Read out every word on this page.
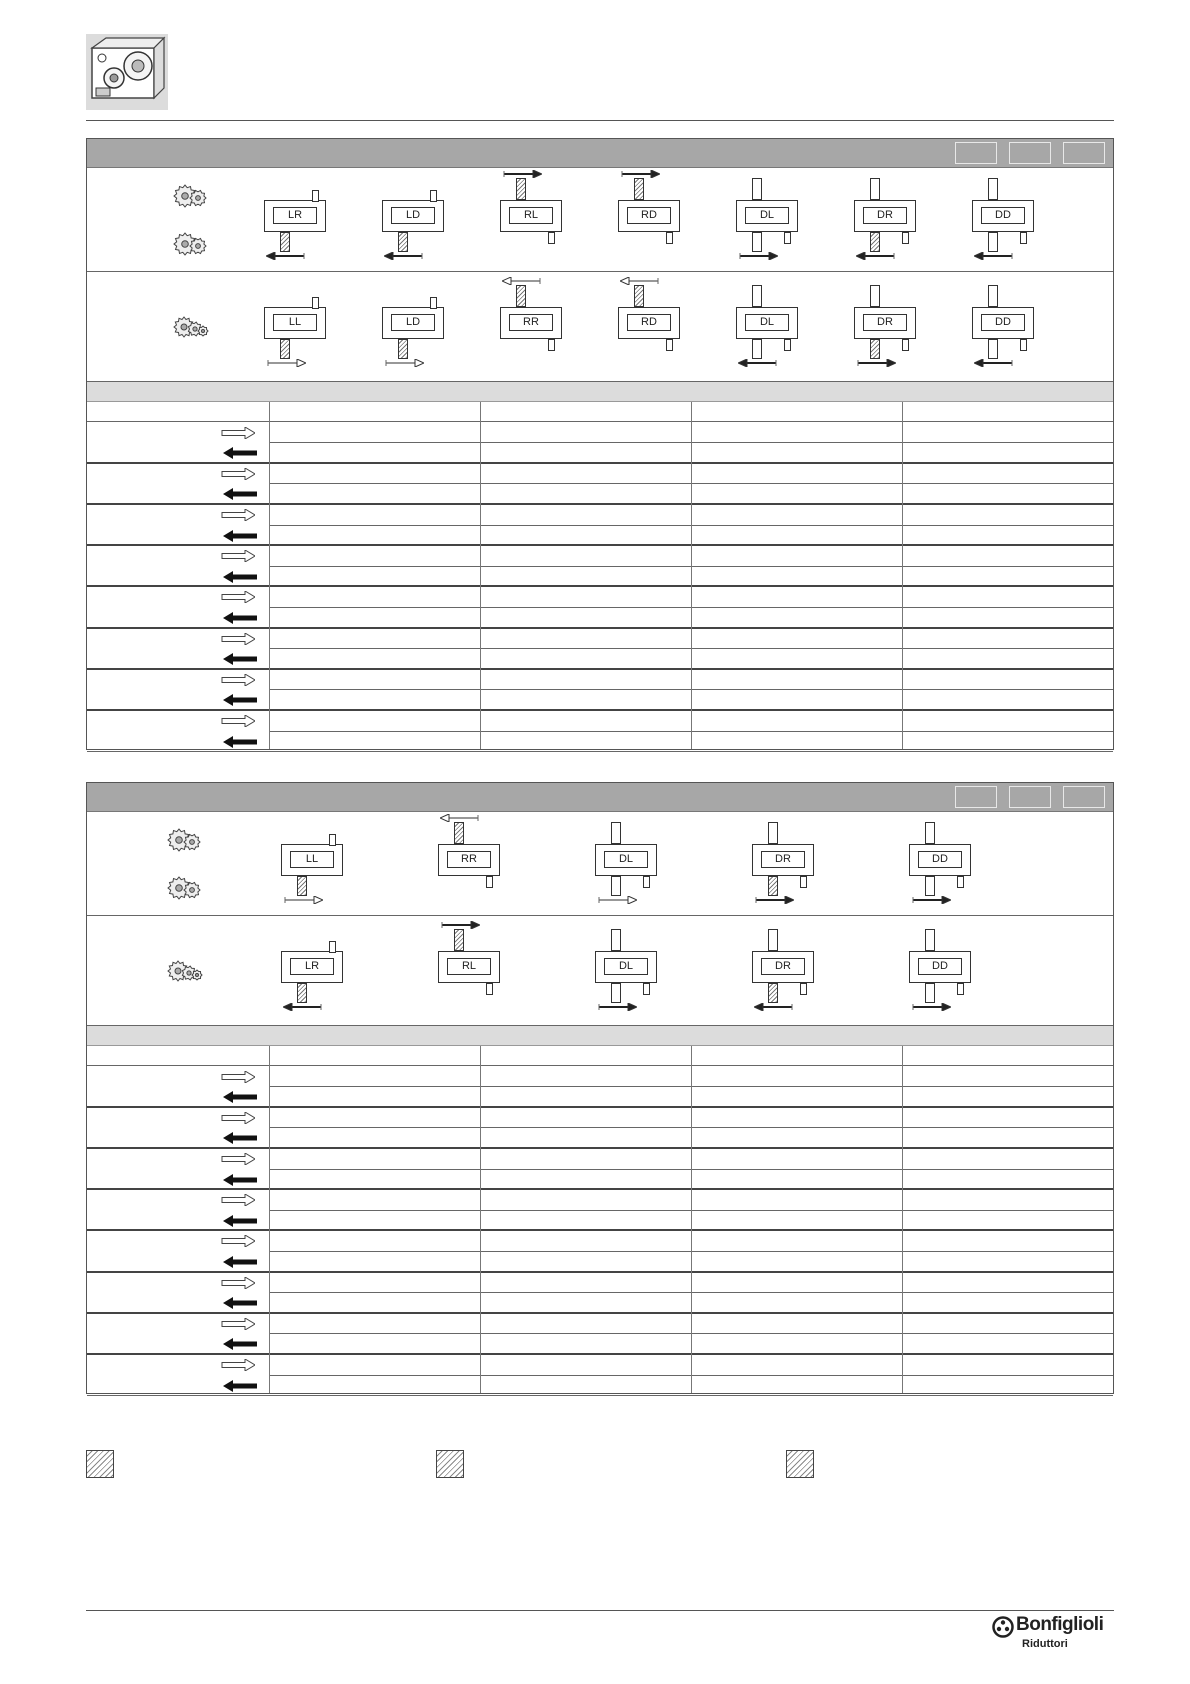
LR	LD	RL	RD	DL	DR	DD
LL	LD	RR	RD	DL	DR	DD
LL	RR	DL	DR	DD
LR	RL	DL	DR	DD
Bonfiglioli
Riduttori
